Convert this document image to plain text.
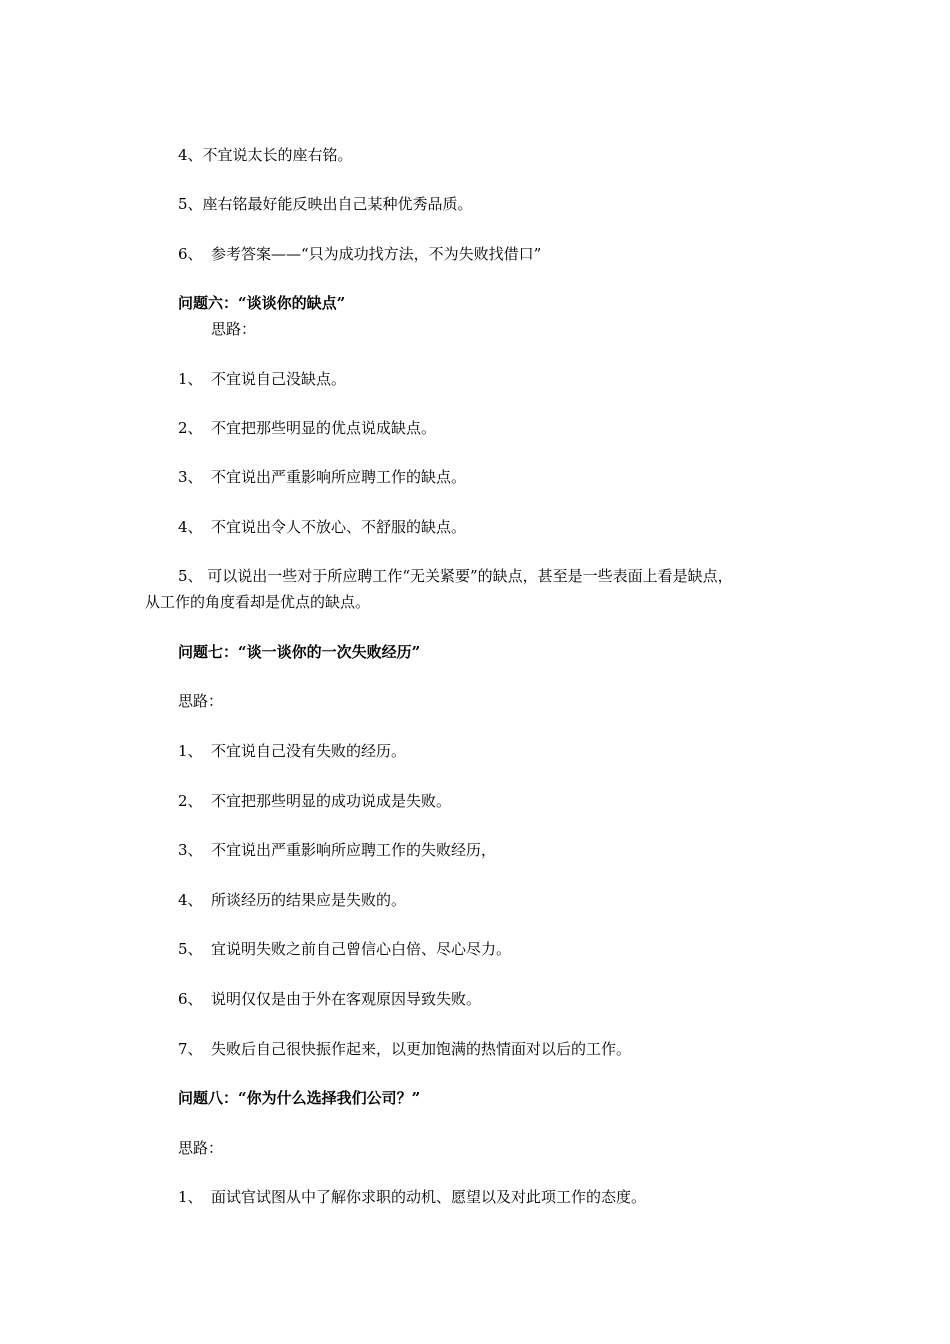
4、不宜说太长的座右铭。
5、座右铭最好能反映出自己某种优秀品质。
6、 参考答案——“只为成功找方法，不为失败找借口”
问题六：“谈谈你的缺点”
思路：
1、 不宜说自己没缺点。
2、 不宜把那些明显的优点说成缺点。
3、 不宜说出严重影响所应聘工作的缺点。
4、 不宜说出令人不放心、不舒服的缺点。
5、 可以说出一些对于所应聘工作“无关紧要”的缺点，甚至是一些表面上看是缺点，
从工作的角度看却是优点的缺点。
问题七：“谈一谈你的一次失败经历”
思路：
1、 不宜说自己没有失败的经历。
2、 不宜把那些明显的成功说成是失败。
3、 不宜说出严重影响所应聘工作的失败经历，
4、 所谈经历的结果应是失败的。
5、 宜说明失败之前自己曾信心白倍、尽心尽力。
6、 说明仅仅是由于外在客观原因导致失败。
7、 失败后自己很快振作起来，以更加饱满的热情面对以后的工作。
问题八：“你为什么选择我们公司？”
思路：
1、 面试官试图从中了解你求职的动机、愿望以及对此项工作的态度。
